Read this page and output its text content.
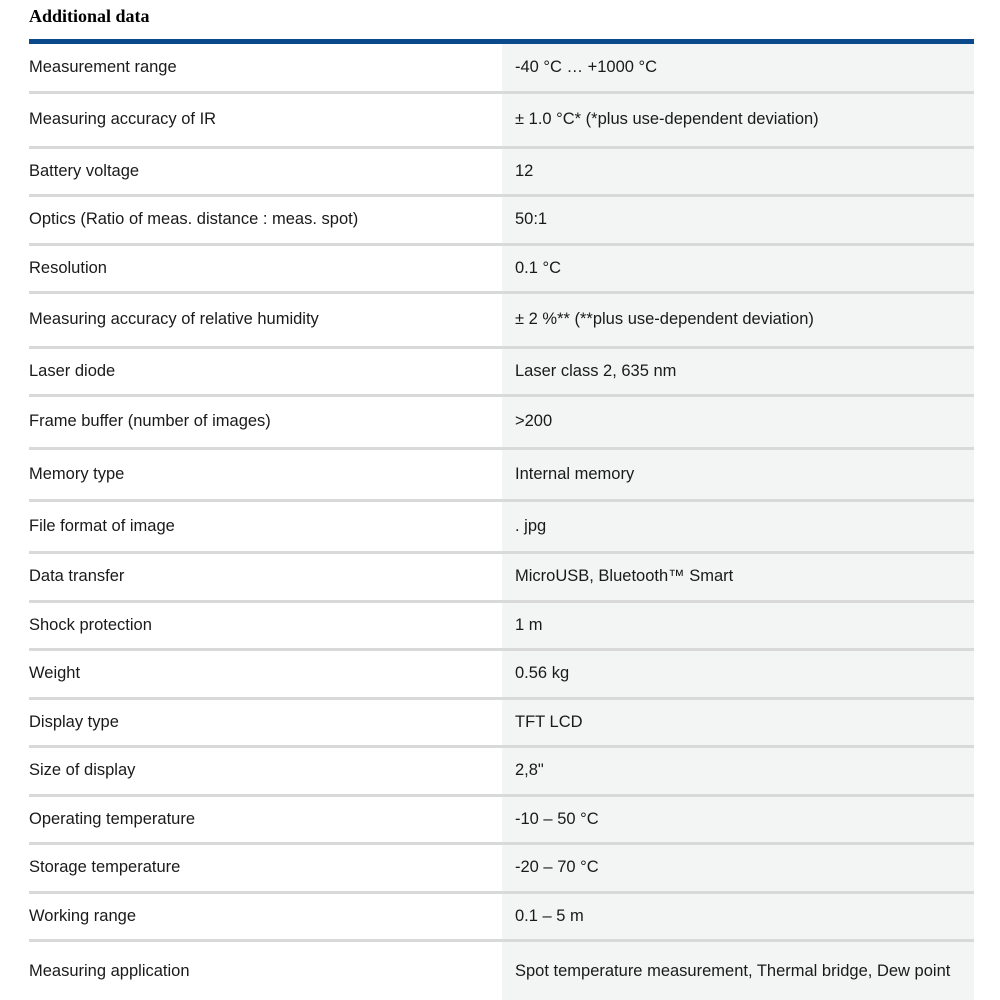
Additional data
Measurement range	-40 °C … +1000 °C
Measuring accuracy of IR	± 1.0 °C* (*plus use-dependent deviation)
Battery voltage	12
Optics (Ratio of meas. distance : meas. spot)	50:1
Resolution	0.1 °C
Measuring accuracy of relative humidity	± 2 %** (**plus use-dependent deviation)
Laser diode	Laser class 2, 635 nm
Frame buffer (number of images)	>200
Memory type	Internal memory
File format of image	. jpg
Data transfer	MicroUSB, Bluetooth™ Smart
Shock protection	1 m
Weight	0.56 kg
Display type	TFT LCD
Size of display	2,8"
Operating temperature	-10 – 50 °C
Storage temperature	-20 – 70 °C
Working range	0.1 – 5 m
Measuring application	Spot temperature measurement, Thermal bridge, Dew point
